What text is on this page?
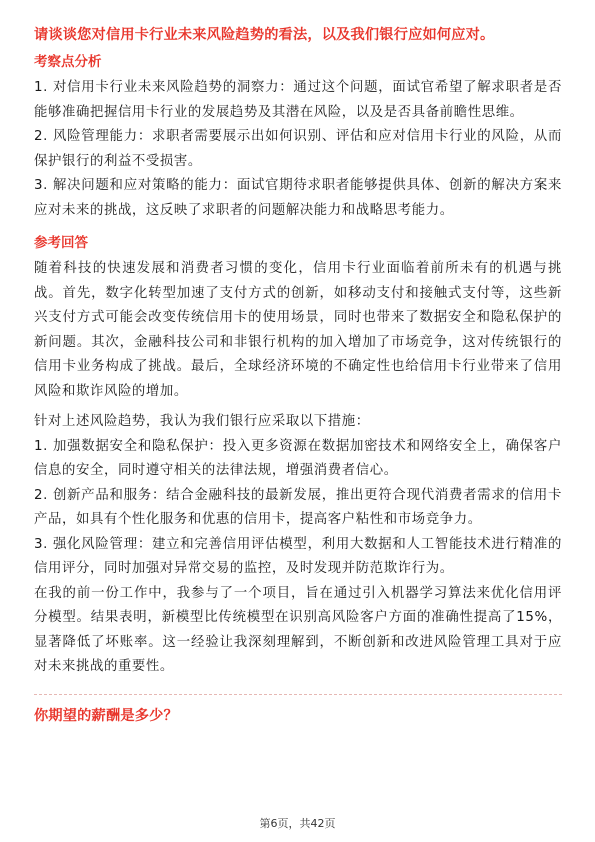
请谈谈您对信用卡行业未来风险趋势的看法，以及我们银行应如何应对。

考察点分析

1. 对信用卡行业未来风险趋势的洞察力：通过这个问题，面试官希望了解求职者是否能够准确把握信用卡行业的发展趋势及其潜在风险，以及是否具备前瞻性思维。

2. 风险管理能力：求职者需要展示出如何识别、评估和应对信用卡行业的风险，从而保护银行的利益不受损害。

3. 解决问题和应对策略的能力：面试官期待求职者能够提供具体、创新的解决方案来应对未来的挑战，这反映了求职者的问题解决能力和战略思考能力。

参考回答

随着科技的快速发展和消费者习惯的变化，信用卡行业面临着前所未有的机遇与挑战。首先，数字化转型加速了支付方式的创新，如移动支付和接触式支付等，这些新兴支付方式可能会改变传统信用卡的使用场景，同时也带来了数据安全和隐私保护的新问题。其次，金融科技公司和非银行机构的加入增加了市场竞争，这对传统银行的信用卡业务构成了挑战。最后，全球经济环境的不确定性也给信用卡行业带来了信用风险和欺诈风险的增加。

针对上述风险趋势，我认为我们银行应采取以下措施：

1. 加强数据安全和隐私保护：投入更多资源在数据加密技术和网络安全上，确保客户信息的安全，同时遵守相关的法律法规，增强消费者信心。

2. 创新产品和服务：结合金融科技的最新发展，推出更符合现代消费者需求的信用卡产品，如具有个性化服务和优惠的信用卡，提高客户粘性和市场竞争力。

3. 强化风险管理：建立和完善信用评估模型，利用大数据和人工智能技术进行精准的信用评分，同时加强对异常交易的监控，及时发现并防范欺诈行为。

在我的前一份工作中，我参与了一个项目，旨在通过引入机器学习算法来优化信用评分模型。结果表明，新模型比传统模型在识别高风险客户方面的准确性提高了15%，显著降低了坏账率。这一经验让我深刻理解到，不断创新和改进风险管理工具对于应对未来挑战的重要性。

你期望的薪酬是多少？

第6页，共42页
